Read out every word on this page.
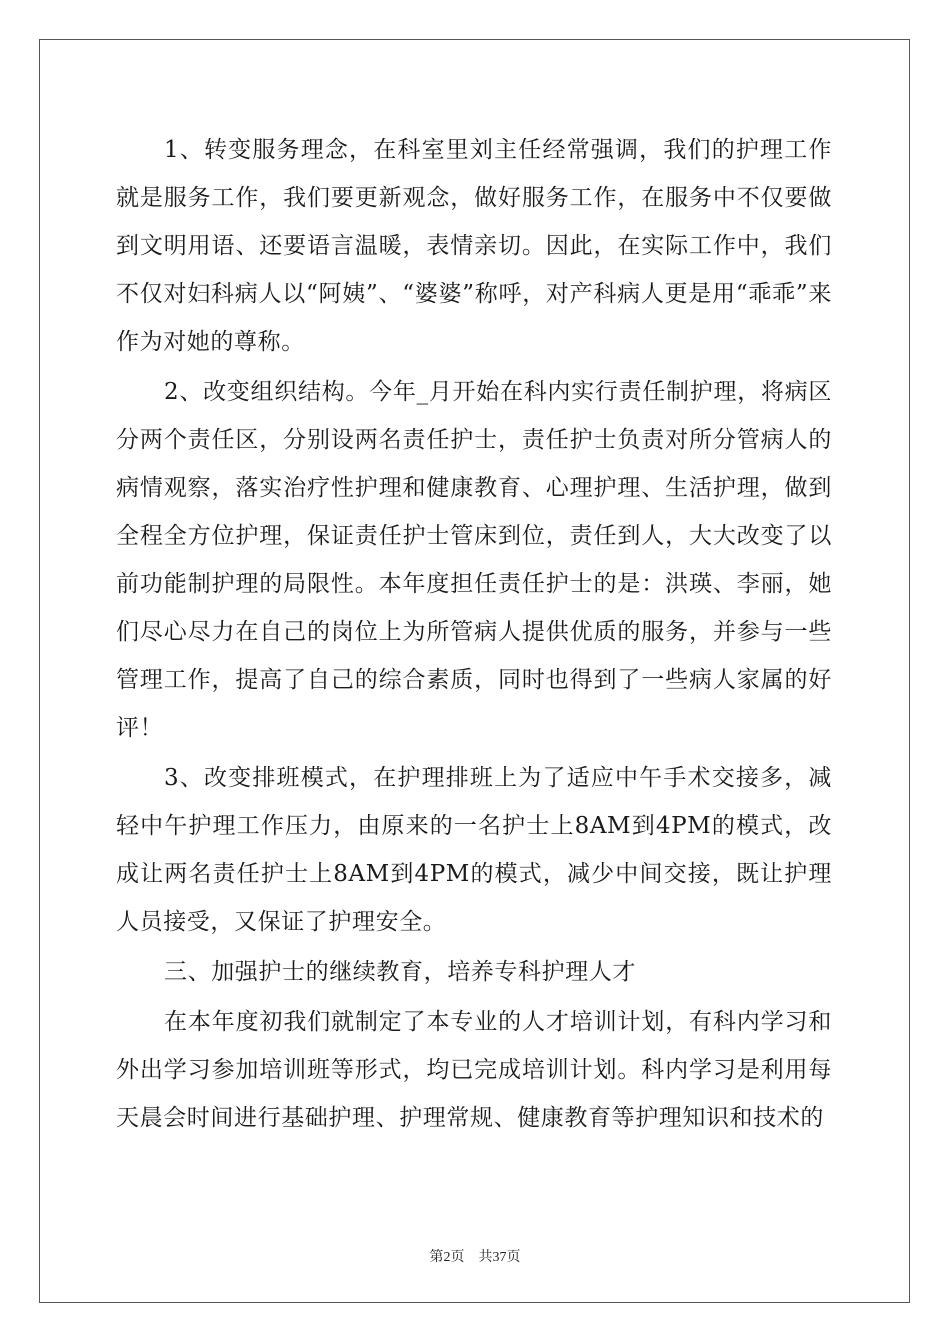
1、转变服务理念，在科室里刘主任经常强调，我们的护理工作就是服务工作，我们要更新观念，做好服务工作，在服务中不仅要做到文明用语、还要语言温暖，表情亲切。因此，在实际工作中，我们不仅对妇科病人以“阿姨”、“婆婆”称呼，对产科病人更是用“乖乖”来作为对她的尊称。

2、改变组织结构。今年_月开始在科内实行责任制护理，将病区分两个责任区，分别设两名责任护士，责任护士负责对所分管病人的病情观察，落实治疗性护理和健康教育、心理护理、生活护理，做到全程全方位护理，保证责任护士管床到位，责任到人，大大改变了以前功能制护理的局限性。本年度担任责任护士的是：洪瑛、李丽，她们尽心尽力在自己的岗位上为所管病人提供优质的服务，并参与一些管理工作，提高了自己的综合素质，同时也得到了一些病人家属的好评！

3、改变排班模式，在护理排班上为了适应中午手术交接多，减轻中午护理工作压力，由原来的一名护士上8AM到4PM的模式，改成让两名责任护士上8AM到4PM的模式，减少中间交接，既让护理人员接受，又保证了护理安全。

三、加强护士的继续教育，培养专科护理人才

在本年度初我们就制定了本专业的人才培训计划，有科内学习和外出学习参加培训班等形式，均已完成培训计划。科内学习是利用每天晨会时间进行基础护理、护理常规、健康教育等护理知识和技术的

第2页 共37页
